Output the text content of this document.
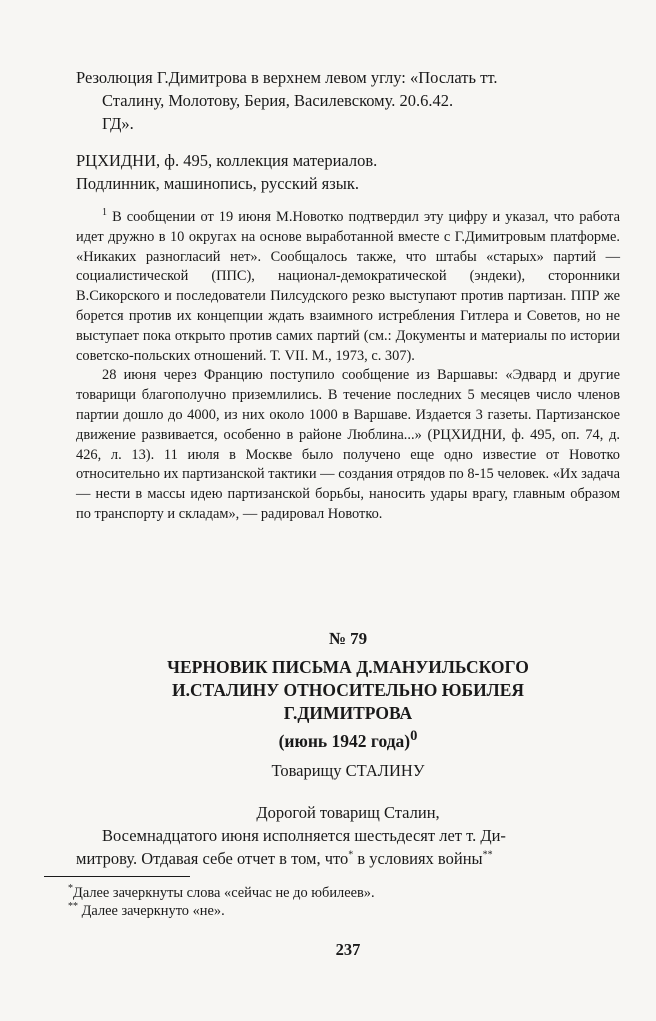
Резолюция Г.Димитрова в верхнем левом углу: «Послать тт.
Сталину, Молотову, Берия, Василевскому. 20.6.42.
ГД».

РЦХИДНИ, ф. 495, коллекция материалов.

Подлинник, машинопись, русский язык.

$^1$ В сообщении от 19 июня М.Новотко подтвердил эту цифру и указал, что работа идет дружно в 10 округах на основе выработанной вместе с Г.Димитровым платформе. «Никаких разногласий нет». Сообщалось также, что штабы «старых» партий — социалистической (ППС), национал-демократической (эндеки), сторонники В.Сикорского и последователи Пилсудского резко выступают против партизан. ППР же борется против их концепции ждать взаимного истребления Гитлера и Советов, но не выступает пока открыто против самих партий (см.: Документы и материалы по истории советско-польских отношений. Т. VII. М., 1973, с. 307).

28 июня через Францию поступило сообщение из Варшавы: «Эдвард и другие товарищи благополучно приземлились. В течение последних 5 месяцев число членов партии дошло до 4000, из них около 1000 в Варшаве. Издается 3 газеты. Партизанское движение развивается, особенно в районе Люблина...» (РЦХИДНИ, ф. 495, оп. 74, д. 426, л. 13). 11 июля в Москве было получено еще одно известие от Новотко относительно их партизанской тактики — создания отрядов по 8-15 человек. «Их задача — нести в массы идею партизанской борьбы, наносить удары врагу, главным образом по транспорту и складам», — радировал Новотко.

№ 79

ЧЕРНОВИК ПИСЬМА Д.МАНУИЛЬСКОГО

И.СТАЛИНУ ОТНОСИТЕЛЬНО ЮБИЛЕЯ

Г.ДИМИТРОВА

(июнь 1942 года)$^0$

Товарищу СТАЛИНУ

Дорогой товарищ Сталин,

Восемнадцатого июня исполняется шестьдесят лет т. Ди-

митрову. Отдавая себе отчет в том, что* в условиях войны**

*Далее зачеркнуты слова «сейчас не до юбилеев».

** Далее зачеркнуто «не».

237
